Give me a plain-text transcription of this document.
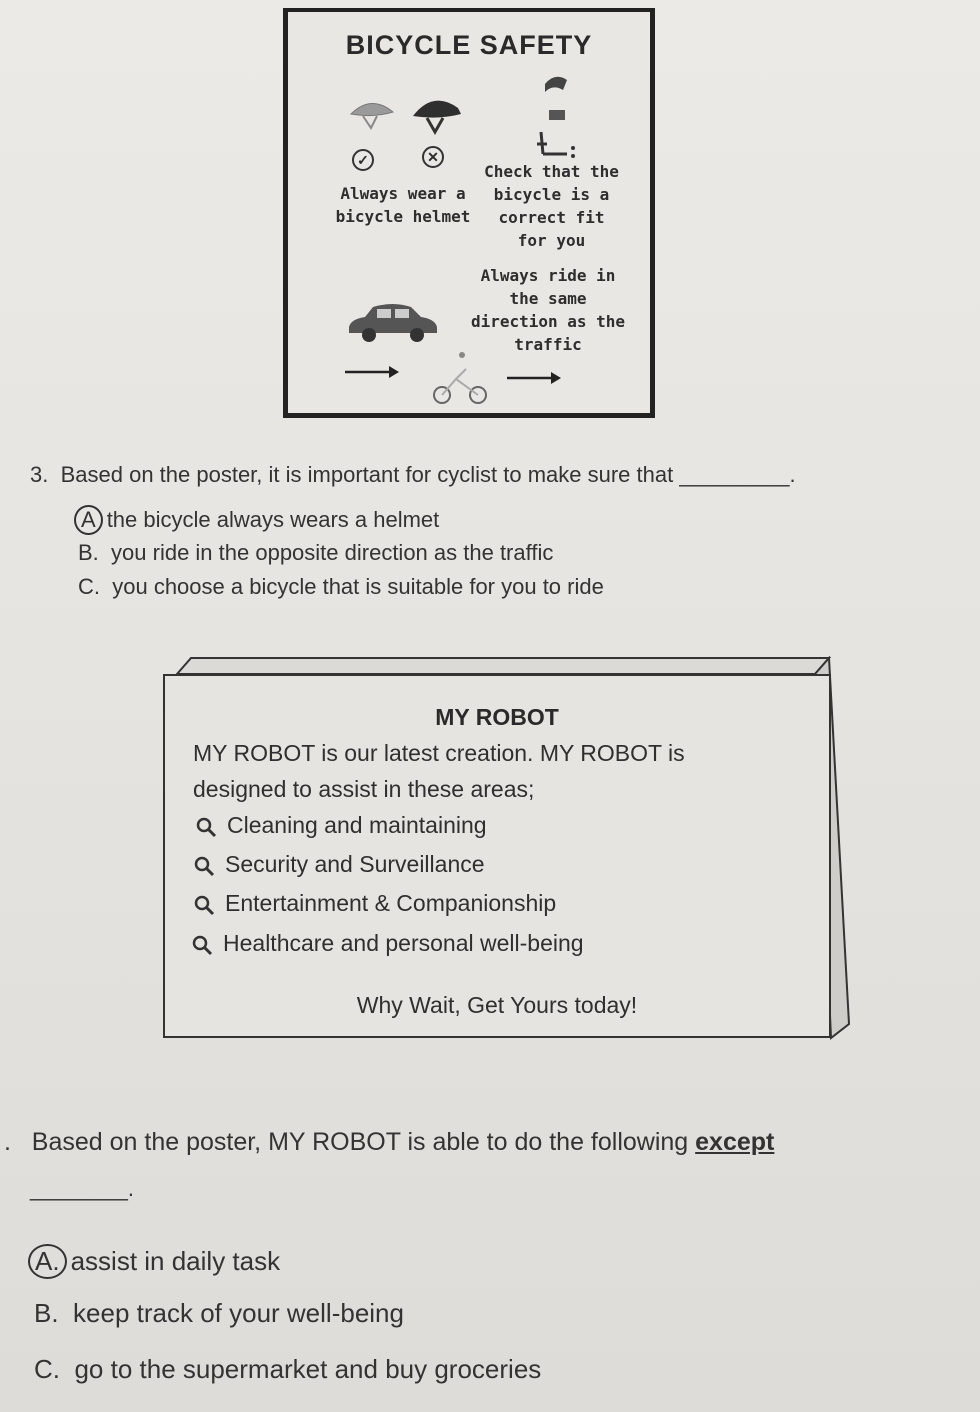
BICYCLE SAFETY
✓	✕
Always wear a bicycle helmet
Check that the bicycle is a correct fit for you
Always ride in the same direction as the traffic
3. Based on the poster, it is important for cyclist to make sure that _________.
A the bicycle always wears a helmet
B. you ride in the opposite direction as the traffic
C. you choose a bicycle that is suitable for you to ride
MY ROBOT
MY ROBOT is our latest creation. MY ROBOT is
designed to assist in these areas;
Cleaning and maintaining
Security and Surveillance
Entertainment & Companionship
Healthcare and personal well-being
Why Wait, Get Yours today!
. Based on the poster, MY ROBOT is able to do the following except
________.
A. assist in daily task
B. keep track of your well-being
C. go to the supermarket and buy groceries
